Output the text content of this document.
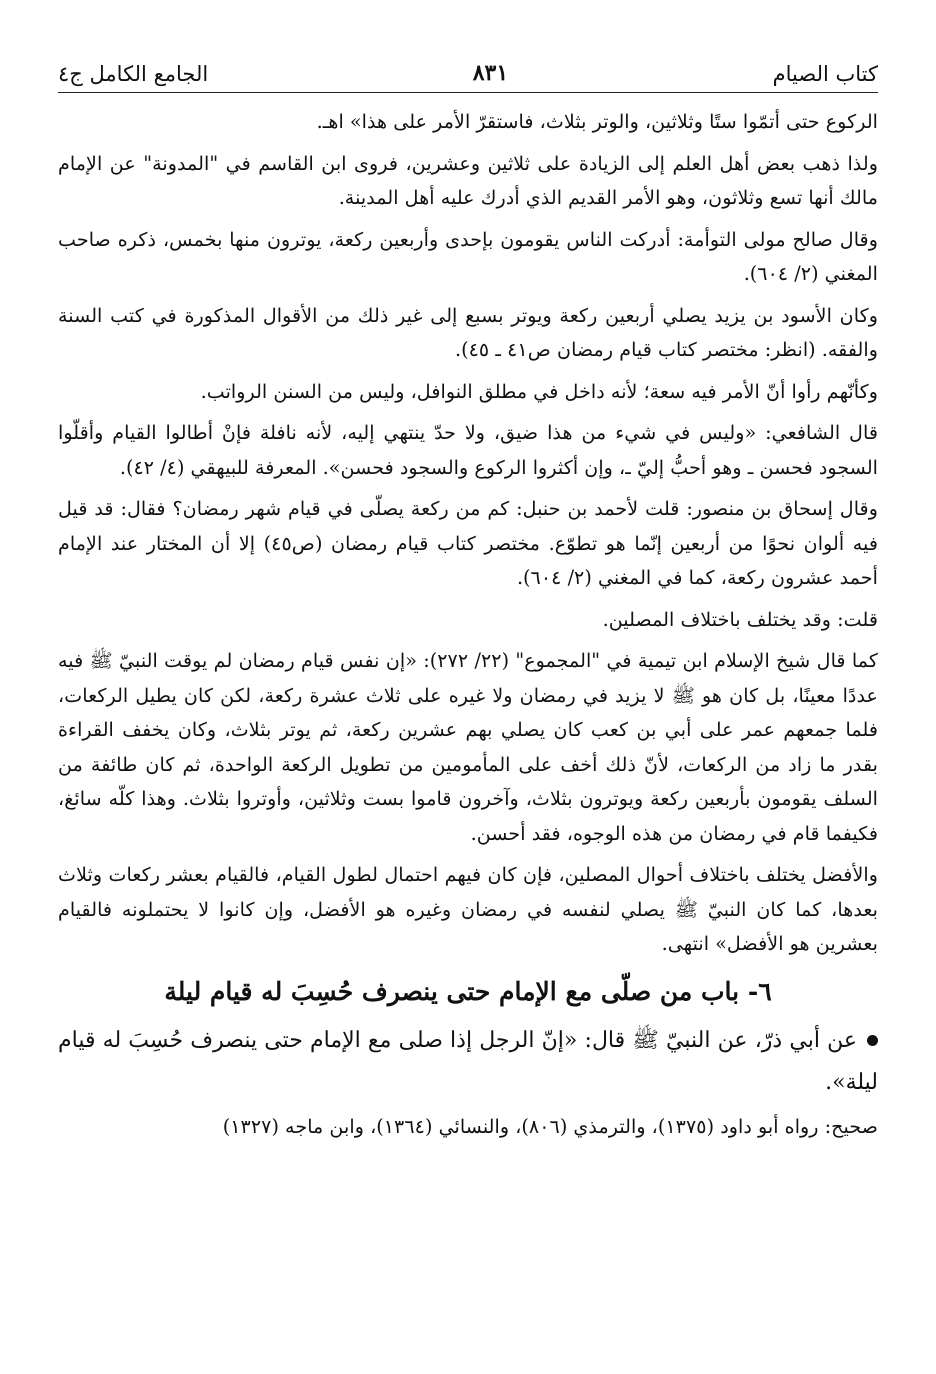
كتاب الصيام
٨٣١
الجامع الكامل ج٤

الركوع حتى أتمّوا ستًا وثلاثين، والوتر بثلاث، فاستقرّ الأمر على هذا» اهـ.

ولذا ذهب بعض أهل العلم إلى الزيادة على ثلاثين وعشرين، فروى ابن القاسم في "المدونة" عن الإمام مالك أنها تسع وثلاثون، وهو الأمر القديم الذي أدرك عليه أهل المدينة.

وقال صالح مولى التوأمة: أدركت الناس يقومون بإحدى وأربعين ركعة، يوترون منها بخمس، ذكره صاحب المغني (٢/ ٦٠٤).

وكان الأسود بن يزيد يصلي أربعين ركعة ويوتر بسبع إلى غير ذلك من الأقوال المذكورة في كتب السنة والفقه. (انظر: مختصر كتاب قيام رمضان ص٤١ ـ ٤٥).

وكأنّهم رأوا أنّ الأمر فيه سعة؛ لأنه داخل في مطلق النوافل، وليس من السنن الرواتب.

قال الشافعي: «وليس في شيء من هذا ضيق، ولا حدّ ينتهي إليه، لأنه نافلة فإنْ أطالوا القيام وأقلّوا السجود فحسن ـ وهو أحبُّ إليّ ـ، وإن أكثروا الركوع والسجود فحسن». المعرفة للبيهقي (٤/ ٤٢).

وقال إسحاق بن منصور: قلت لأحمد بن حنبل: كم من ركعة يصلّى في قيام شهر رمضان؟ فقال: قد قيل فيه ألوان نحوًا من أربعين إنّما هو تطوّع. مختصر كتاب قيام رمضان (ص٤٥) إلا أن المختار عند الإمام أحمد عشرون ركعة، كما في المغني (٢/ ٦٠٤).

قلت: وقد يختلف باختلاف المصلين.

كما قال شيخ الإسلام ابن تيمية في "المجموع" (٢٢/ ٢٧٢): «إن نفس قيام رمضان لم يوقت النبيّ ﷺ فيه عددًا معينًا، بل كان هو ﷺ لا يزيد في رمضان ولا غيره على ثلاث عشرة ركعة، لكن كان يطيل الركعات، فلما جمعهم عمر على أبي بن كعب كان يصلي بهم عشرين ركعة، ثم يوتر بثلاث، وكان يخفف القراءة بقدر ما زاد من الركعات، لأنّ ذلك أخف على المأمومين من تطويل الركعة الواحدة، ثم كان طائفة من السلف يقومون بأربعين ركعة ويوترون بثلاث، وآخرون قاموا بست وثلاثين، وأوتروا بثلاث. وهذا كلّه سائغ، فكيفما قام في رمضان من هذه الوجوه، فقد أحسن.

والأفضل يختلف باختلاف أحوال المصلين، فإن كان فيهم احتمال لطول القيام، فالقيام بعشر ركعات وثلاث بعدها، كما كان النبيّ ﷺ يصلي لنفسه في رمضان وغيره هو الأفضل، وإن كانوا لا يحتملونه فالقيام بعشرين هو الأفضل» انتهى.

٦- باب من صلّى مع الإمام حتى ينصرف حُسِبَ له قيام ليلة

عن أبي ذرّ، عن النبيّ ﷺ قال: «إنّ الرجل إذا صلى مع الإمام حتى ينصرف حُسِبَ له قيام ليلة».

صحيح: رواه أبو داود (١٣٧٥)، والترمذي (٨٠٦)، والنسائي (١٣٦٤)، وابن ماجه (١٣٢٧)
